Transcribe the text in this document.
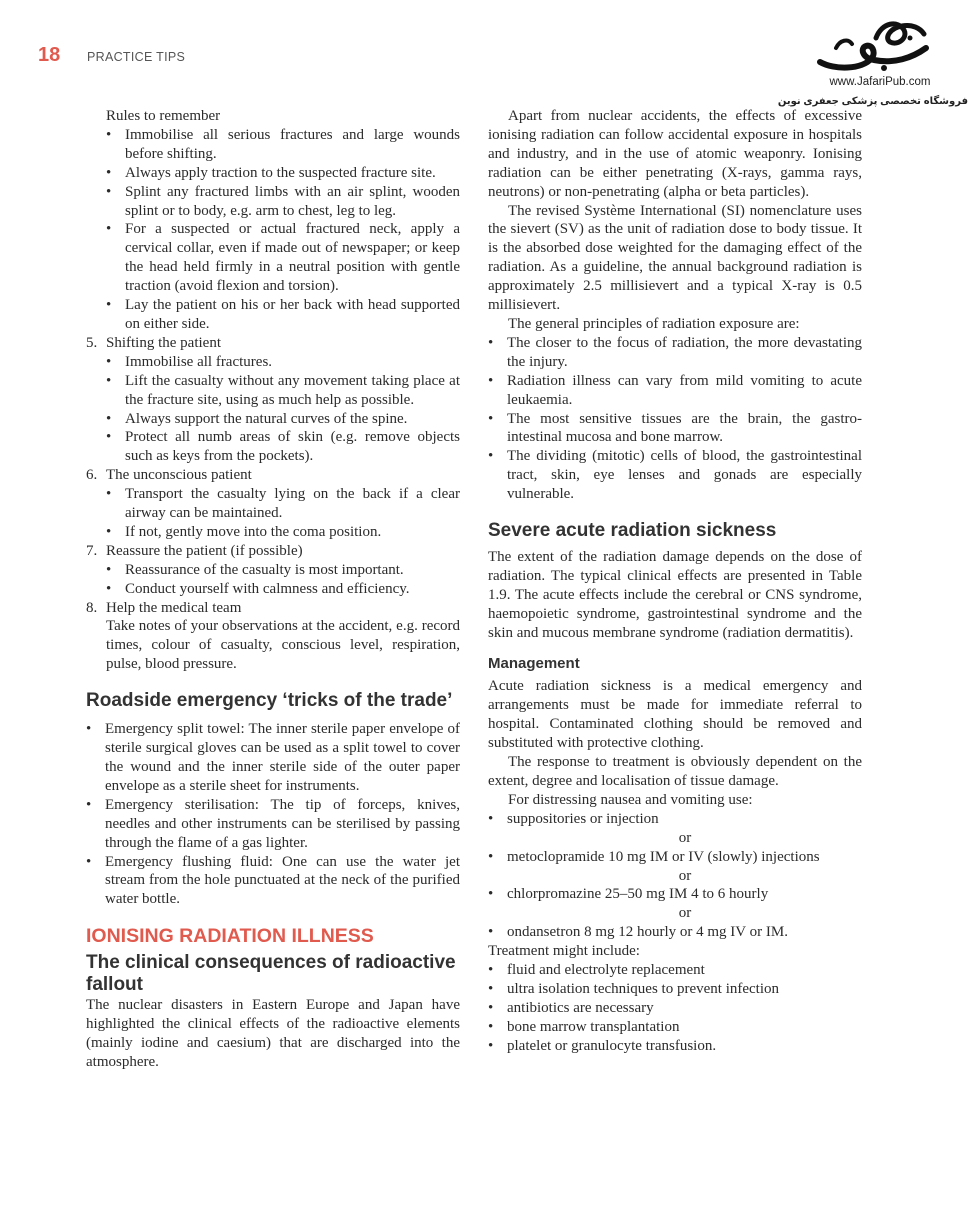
18 PRACTICE TIPS
www.JafariPub.com
فروشگاه تخصصی پزشکی جعفری نوین
Rules to remember
• Immobilise all serious fractures and large wounds before shifting.
• Always apply traction to the suspected fracture site.
• Splint any fractured limbs with an air splint, wooden splint or to body, e.g. arm to chest, leg to leg.
• For a suspected or actual fractured neck, apply a cervical collar, even if made out of newspaper; or keep the head held firmly in a neutral position with gentle traction (avoid flexion and torsion).
• Lay the patient on his or her back with head supported on either side.
5. Shifting the patient
• Immobilise all fractures.
• Lift the casualty without any movement taking place at the fracture site, using as much help as possible.
• Always support the natural curves of the spine.
• Protect all numb areas of skin (e.g. remove objects such as keys from the pockets).
6. The unconscious patient
• Transport the casualty lying on the back if a clear airway can be maintained.
• If not, gently move into the coma position.
7. Reassure the patient (if possible)
• Reassurance of the casualty is most important.
• Conduct yourself with calmness and efficiency.
8. Help the medical team

Take notes of your observations at the accident, e.g. record times, colour of casualty, conscious level, respiration, pulse, blood pressure.

Roadside emergency ‘tricks of the trade’
• Emergency split towel: The inner sterile paper envelope of sterile surgical gloves can be used as a split towel to cover the wound and the inner sterile side of the outer paper envelope as a sterile sheet for instruments.
• Emergency sterilisation: The tip of forceps, knives, needles and other instruments can be sterilised by passing through the flame of a gas lighter.
• Emergency flushing fluid: One can use the water jet stream from the hole punctuated at the neck of the purified water bottle.
IONISING RADIATION ILLNESS
The clinical consequences of radioactive fallout

The nuclear disasters in Eastern Europe and Japan have highlighted the clinical effects of the radioactive elements (mainly iodine and caesium) that are discharged into the atmosphere.

Apart from nuclear accidents, the effects of excessive ionising radiation can follow accidental exposure in hospitals and industry, and in the use of atomic weaponry. Ionising radiation can be either penetrating (X-rays, gamma rays, neutrons) or non-penetrating (alpha or beta particles).

The revised Système International (SI) nomenclature uses the sievert (SV) as the unit of radiation dose to body tissue. It is the absorbed dose weighted for the damaging effect of the radiation. As a guideline, the annual background radiation is approximately 2.5 millisievert and a typical X-ray is 0.5 millisievert.

The general principles of radiation exposure are:

• The closer to the focus of radiation, the more devastating the injury.
• Radiation illness can vary from mild vomiting to acute leukaemia.
• The most sensitive tissues are the brain, the gastro-intestinal mucosa and bone marrow.
• The dividing (mitotic) cells of blood, the gastrointestinal tract, skin, eye lenses and gonads are especially vulnerable.
Severe acute radiation sickness

The extent of the radiation damage depends on the dose of radiation. The typical clinical effects are presented in Table 1.9. The acute effects include the cerebral or CNS syndrome, haemopoietic syndrome, gastrointestinal syndrome and the skin and mucous membrane syndrome (radiation dermatitis).

Management

Acute radiation sickness is a medical emergency and arrangements must be made for immediate referral to hospital. Contaminated clothing should be removed and substituted with protective clothing.

The response to treatment is obviously dependent on the extent, degree and localisation of tissue damage.

For distressing nausea and vomiting use:

• suppositories or injection
or
• metoclopramide 10 mg IM or IV (slowly) injections
or
• chlorpromazine 25–50 mg IM 4 to 6 hourly
or
• ondansetron 8 mg 12 hourly or 4 mg IV or IM.

Treatment might include:

• fluid and electrolyte replacement
• ultra isolation techniques to prevent infection
• antibiotics are necessary
• bone marrow transplantation
• platelet or granulocyte transfusion.
